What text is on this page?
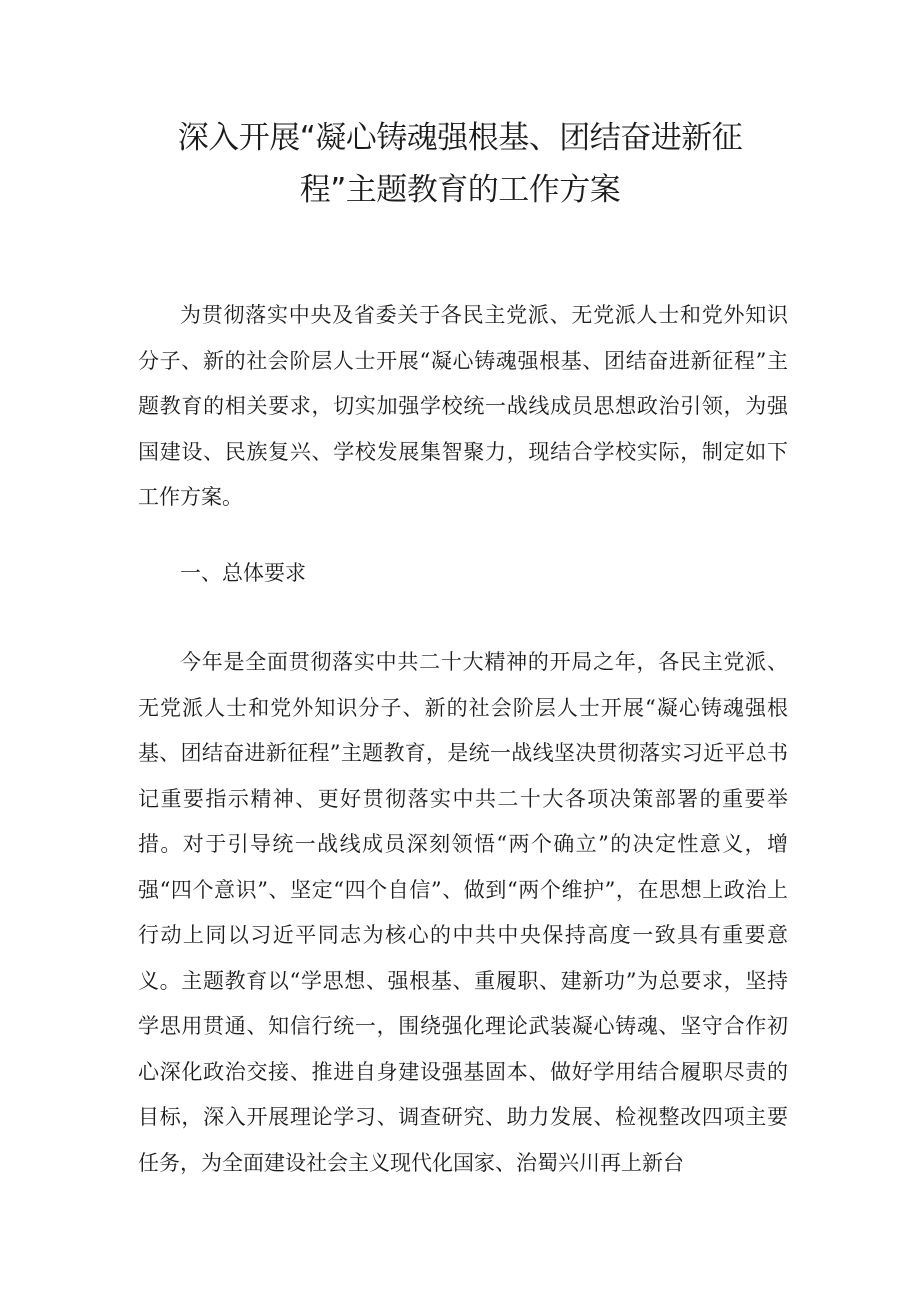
深入开展“凝心铸魂强根基、团结奋进新征
程”主题教育的工作方案

为贯彻落实中央及省委关于各民主党派、无党派人士和党外知识分子、新的社会阶层人士开展“凝心铸魂强根基、团结奋进新征程”主题教育的相关要求，切实加强学校统一战线成员思想政治引领，为强国建设、民族复兴、学校发展集智聚力，现结合学校实际，制定如下工作方案。

一、总体要求

今年是全面贯彻落实中共二十大精神的开局之年，各民主党派、无党派人士和党外知识分子、新的社会阶层人士开展“凝心铸魂强根基、团结奋进新征程”主题教育，是统一战线坚决贯彻落实习近平总书记重要指示精神、更好贯彻落实中共二十大各项决策部署的重要举措。对于引导统一战线成员深刻领悟“两个确立”的决定性意义，增强“四个意识”、坚定“四个自信”、做到“两个维护”，在思想上政治上行动上同以习近平同志为核心的中共中央保持高度一致具有重要意义。主题教育以“学思想、强根基、重履职、建新功”为总要求，坚持学思用贯通、知信行统一，围绕强化理论武装凝心铸魂、坚守合作初心深化政治交接、推进自身建设强基固本、做好学用结合履职尽责的目标，深入开展理论学习、调查研究、助力发展、检视整改四项主要任务，为全面建设社会主义现代化国家、治蜀兴川再上新台
